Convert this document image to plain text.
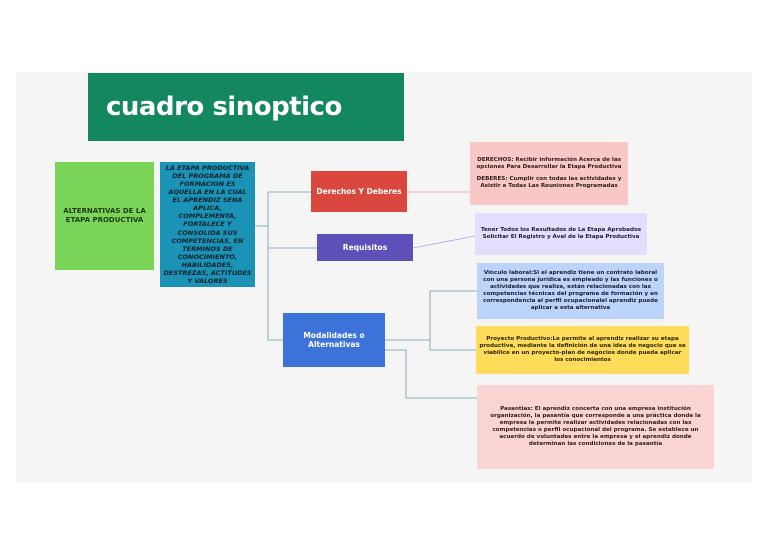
cuadro sinoptico
ALTERNATIVAS DE LA ETAPA PRODUCTIVA
LA ETAPA PRODUCTIVA DEL PROGRAMA DE FORMACION ES AQUELLA EN LA CUAL EL APRENDIZ SENA APLICA, COMPLEMENTA, FORTALECE Y CONSOLIDA SUS COMPETENCIAS, EN TERMINOS DE CONOCIMIENTO, HABILIDADES, DESTREZAS, ACTITUDES Y VALORES
Derechos Y Deberes
Requisitos
Modalidades o Alternativas
DERECHOS: Recibir información Acerca de las opciones Para Desarrollar la Etapa Productiva
DEBERES: Cumplir con todas las actividades y Asistir a Todas Las Reuniones Programadas
Tener Todos los Resultados de La Etapa Aprobados
Solicitar El Registro y Aval de la Etapa Productiva
Vinculo laboral:Si el aprendiz tiene un contrato laboral con una persona jurídica es empleado y las funciones o actividades que realiza, están relacionadas con las competencias técnicas del programa de formación y en correspondencia al perfil ocupacionalel aprendiz puede aplicar a esta alternativa
Proyecto Productivo:Le permite al aprendiz realizar su etapa productiva, mediante la definición de una idea de negocio que se viabilice en un proyecto-plan de negocios donde pueda aplicar los conocimientos
Pasantias: El aprendiz concerta con una empresa institución organización, la pasantía que corresponde a una práctica donde la empresa le permite realizar actividades relacionadas con las competencias o perfil ocupacional del programa. Se establece un acuerdo de voluntades entre la empresa y el aprendiz donde determinan las condiciones de la pasantía
